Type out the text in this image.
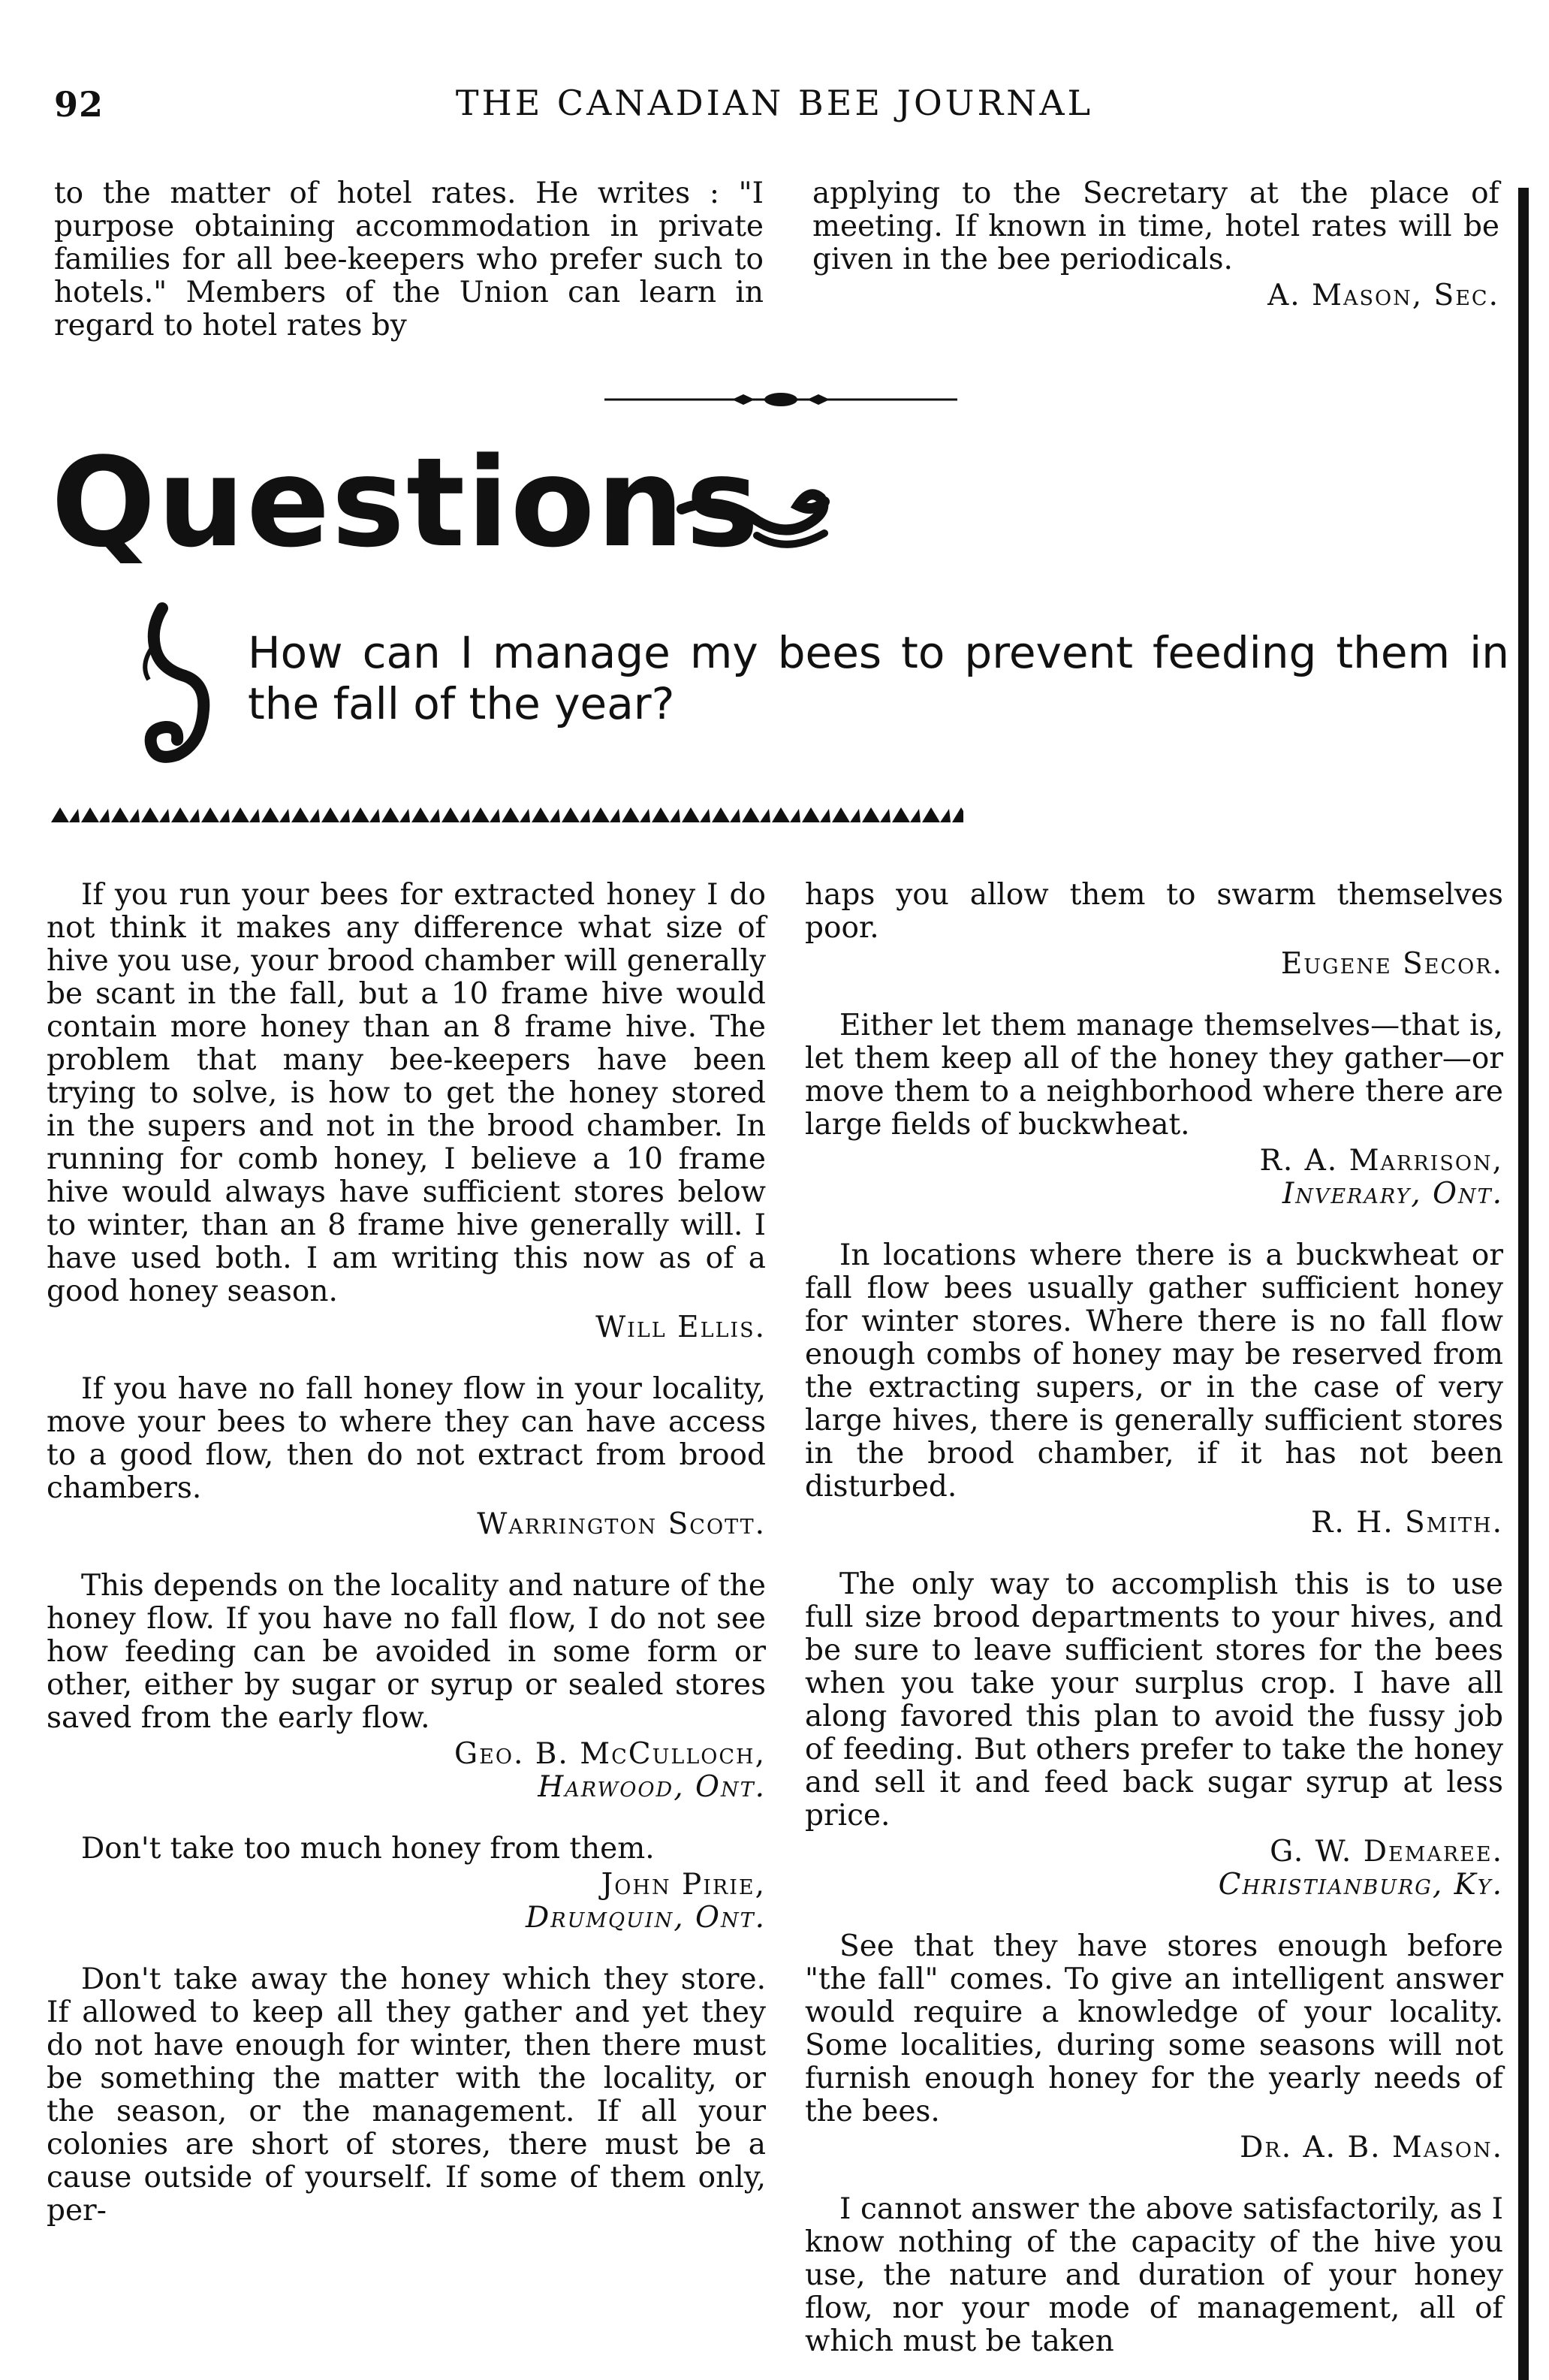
92	THE CANADIAN BEE JOURNAL

to the matter of hotel rates. He writes : "I purpose obtaining accommodation in private families for all bee-keepers who prefer such to hotels." Members of the Union can learn in regard to hotel rates by

applying to the Secretary at the place of meeting. If known in time, hotel rates will be given in the bee periodicals.

A. Mason, Sec.
Questions
How can I manage my bees to prevent feeding them in the fall of the year?

If you run your bees for extracted honey I do not think it makes any difference what size of hive you use, your brood chamber will generally be scant in the fall, but a 10 frame hive would contain more honey than an 8 frame hive. The problem that many bee-keepers have been trying to solve, is how to get the honey stored in the supers and not in the brood chamber. In running for comb honey, I believe a 10 frame hive would always have sufficient stores below to winter, than an 8 frame hive generally will. I have used both. I am writing this now as of a good honey season.

Will Ellis.

If you have no fall honey flow in your locality, move your bees to where they can have access to a good flow, then do not extract from brood chambers.

Warrington Scott.

This depends on the locality and nature of the honey flow. If you have no fall flow, I do not see how feeding can be avoided in some form or other, either by sugar or syrup or sealed stores saved from the early flow.

Geo. B. McCulloch,
Harwood, Ont.

Don't take too much honey from them.

John Pirie,
Drumquin, Ont.

Don't take away the honey which they store. If allowed to keep all they gather and yet they do not have enough for winter, then there must be something the matter with the locality, or the season, or the management. If all your colonies are short of stores, there must be a cause outside of yourself. If some of them only, per-

haps you allow them to swarm themselves poor.

Eugene Secor.

Either let them manage themselves—that is, let them keep all of the honey they gather—or move them to a neighborhood where there are large fields of buckwheat.

R. A. Marrison,
Inverary, Ont.

In locations where there is a buckwheat or fall flow bees usually gather sufficient honey for winter stores. Where there is no fall flow enough combs of honey may be reserved from the extracting supers, or in the case of very large hives, there is generally sufficient stores in the brood chamber, if it has not been disturbed.

R. H. Smith.

The only way to accomplish this is to use full size brood departments to your hives, and be sure to leave sufficient stores for the bees when you take your surplus crop. I have all along favored this plan to avoid the fussy job of feeding. But others prefer to take the honey and sell it and feed back sugar syrup at less price.

G. W. Demaree.
Christianburg, Ky.

See that they have stores enough before "the fall" comes. To give an intelligent answer would require a knowledge of your locality. Some localities, during some seasons will not furnish enough honey for the yearly needs of the bees.

Dr. A. B. Mason.

I cannot answer the above satisfactorily, as I know nothing of the capacity of the hive you use, the nature and duration of your honey flow, nor your mode of management, all of which must be taken
